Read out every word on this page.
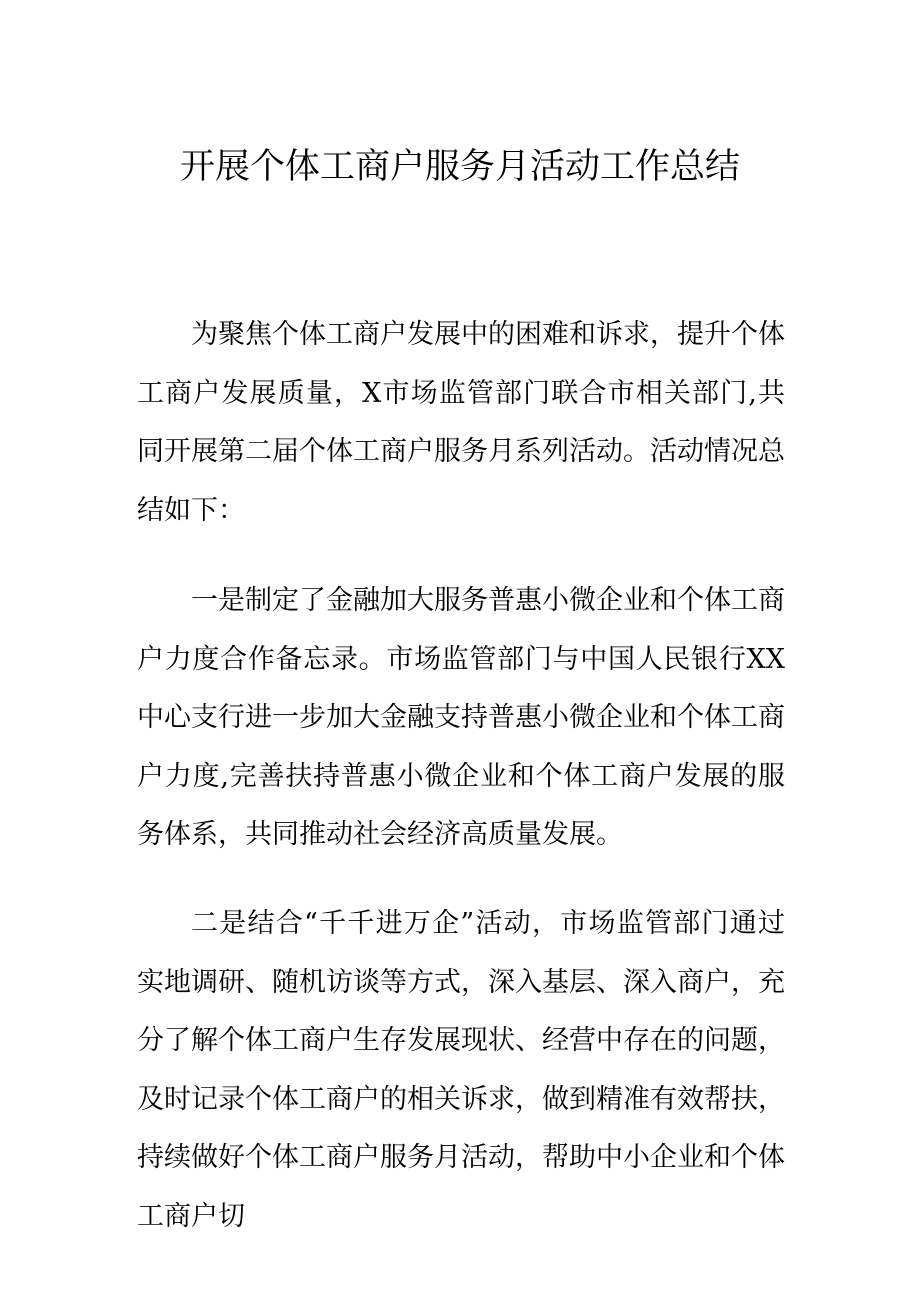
开展个体工商户服务月活动工作总结

为聚焦个体工商户发展中的困难和诉求，提升个体工商户发展质量，X市场监管部门联合市相关部门,共同开展第二届个体工商户服务月系列活动。活动情况总结如下：

一是制定了金融加大服务普惠小微企业和个体工商户力度合作备忘录。市场监管部门与中国人民银行XX中心支行进一步加大金融支持普惠小微企业和个体工商户力度,完善扶持普惠小微企业和个体工商户发展的服务体系，共同推动社会经济高质量发展。

二是结合“千千进万企”活动，市场监管部门通过实地调研、随机访谈等方式，深入基层、深入商户，充分了解个体工商户生存发展现状、经营中存在的问题，及时记录个体工商户的相关诉求，做到精准有效帮扶，持续做好个体工商户服务月活动，帮助中小企业和个体工商户切
